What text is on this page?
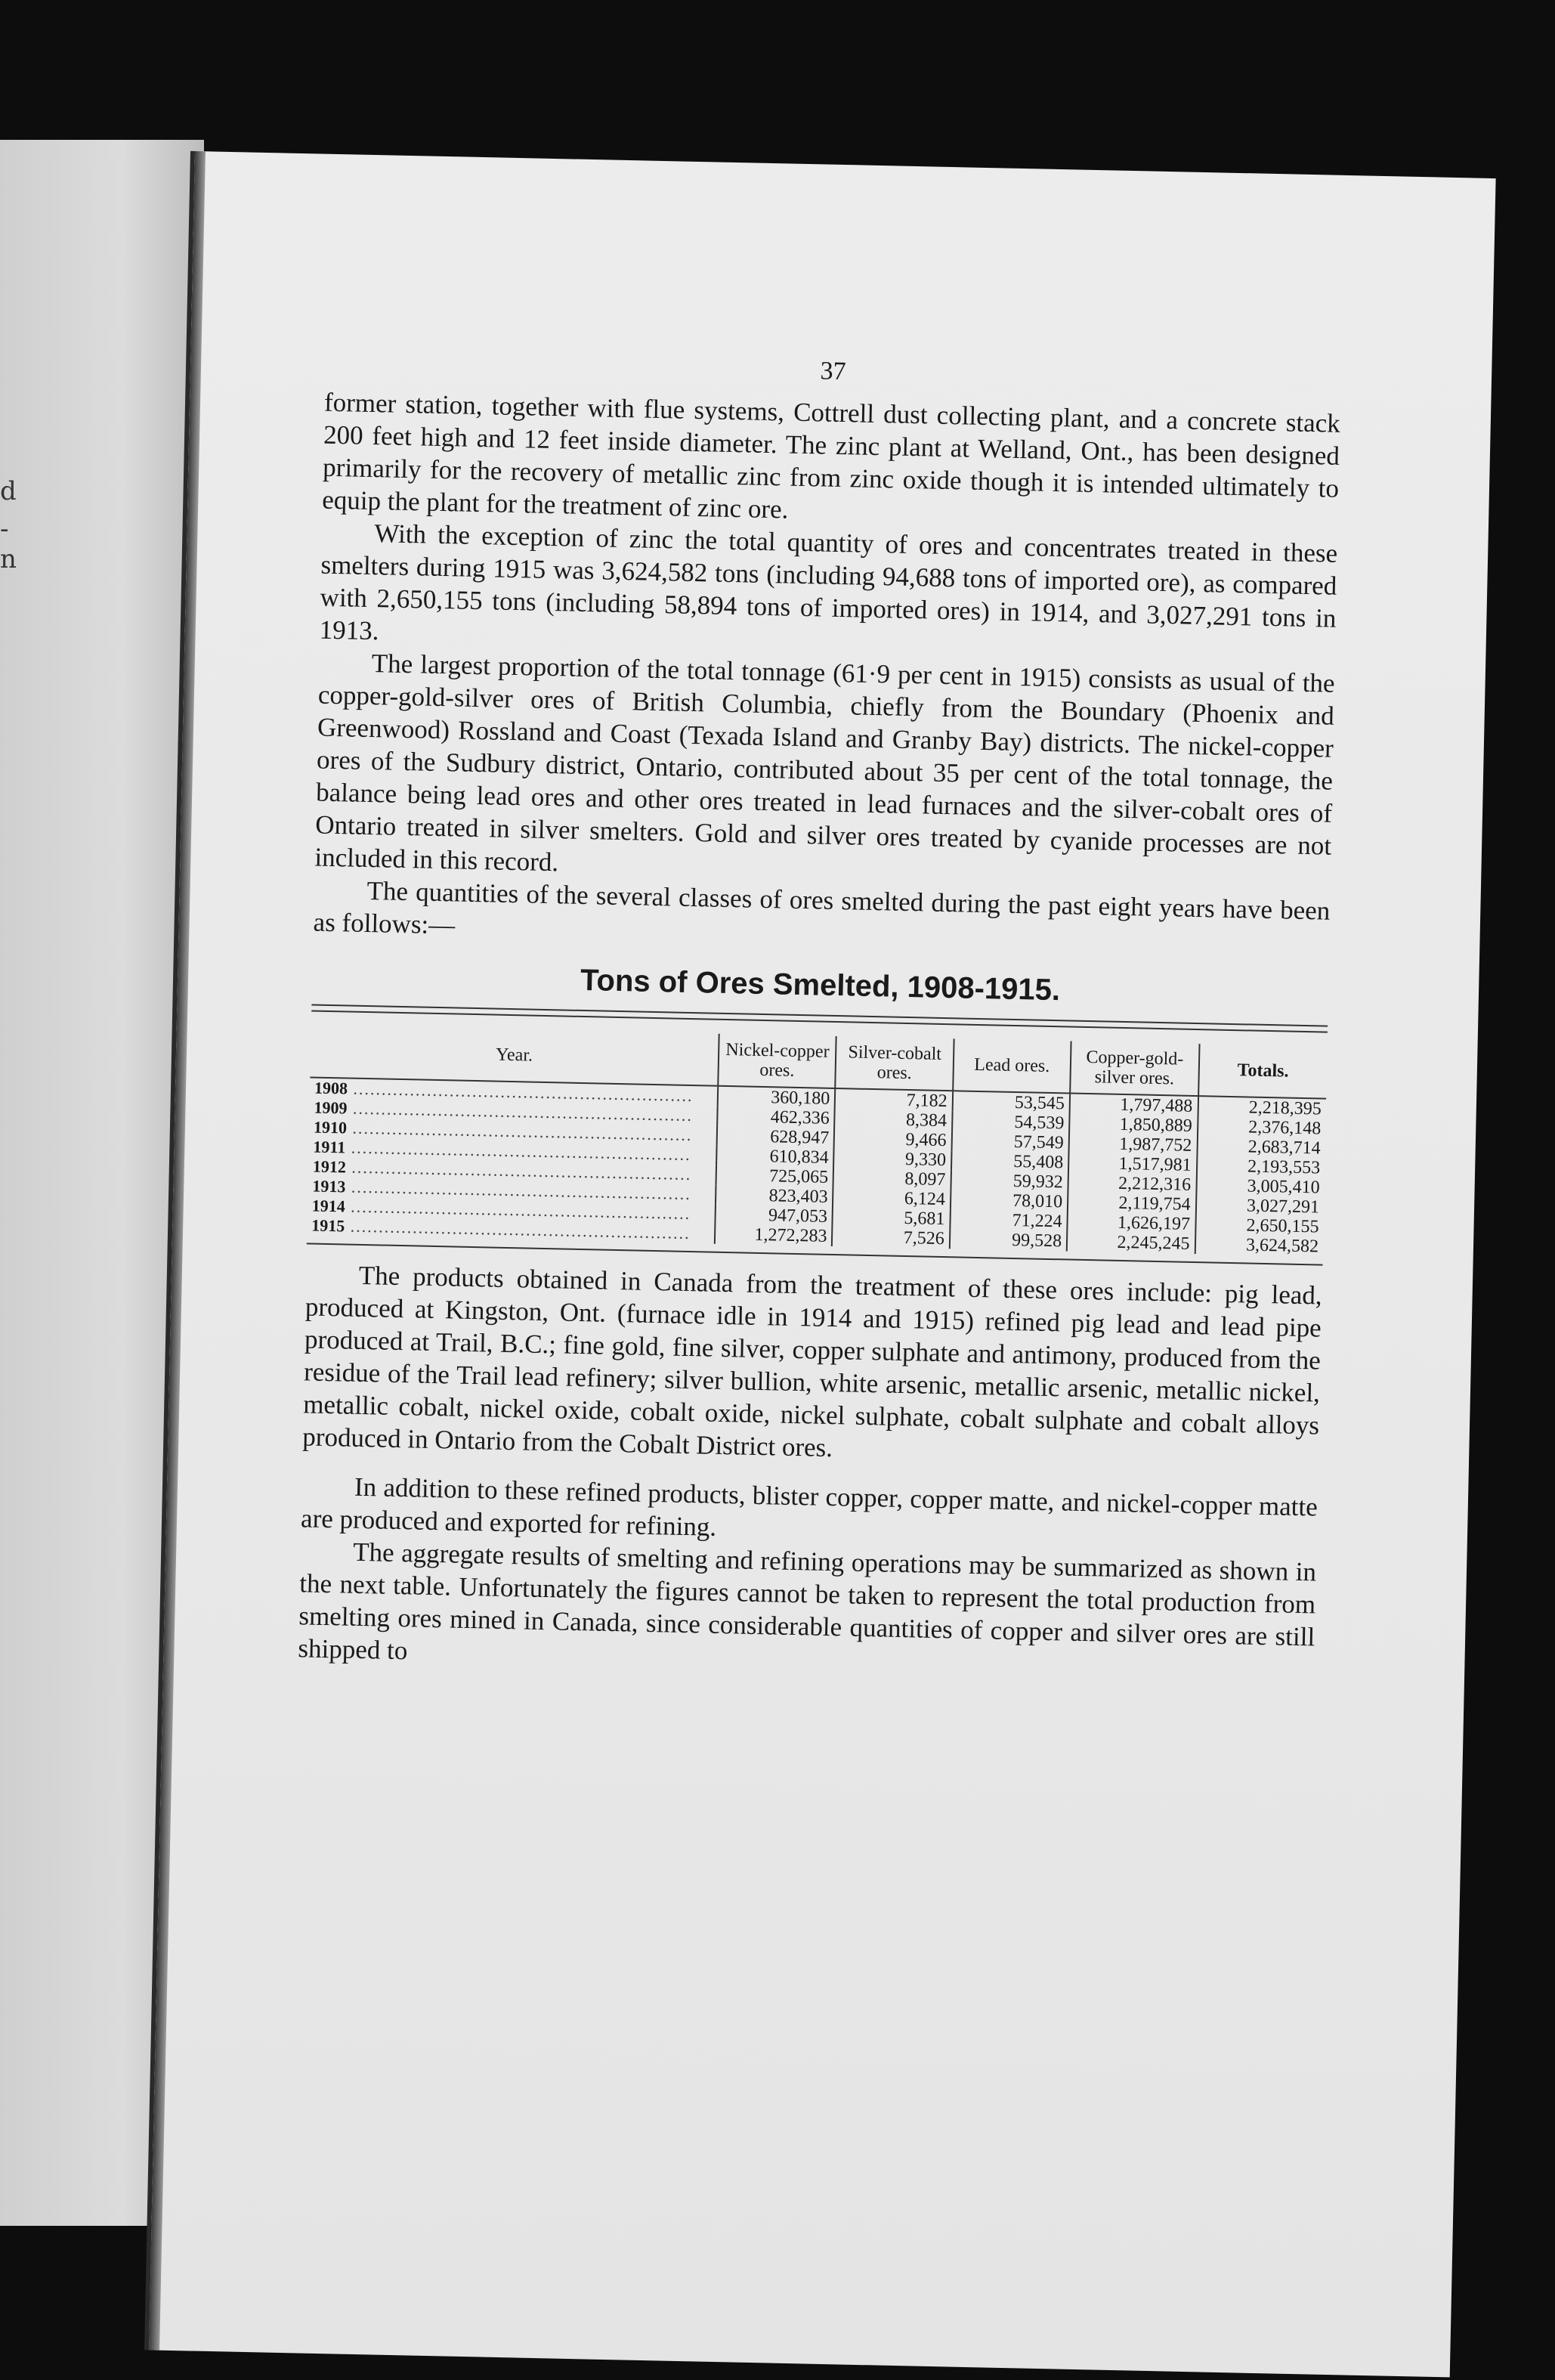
d
-
n
37

former station, together with flue systems, Cottrell dust collecting plant, and a concrete stack 200 feet high and 12 feet inside diameter. The zinc plant at Welland, Ont., has been designed primarily for the recovery of metallic zinc from zinc oxide though it is intended ultimately to equip the plant for the treatment of zinc ore.

With the exception of zinc the total quantity of ores and concentrates treated in these smelters during 1915 was 3,624,582 tons (including 94,688 tons of imported ore), as compared with 2,650,155 tons (including 58,894 tons of imported ores) in 1914, and 3,027,291 tons in 1913.

The largest proportion of the total tonnage (61·9 per cent in 1915) consists as usual of the copper-gold-silver ores of British Columbia, chiefly from the Boundary (Phoenix and Greenwood) Rossland and Coast (Texada Island and Granby Bay) districts. The nickel-copper ores of the Sudbury district, Ontario, contributed about 35 per cent of the total tonnage, the balance being lead ores and other ores treated in lead furnaces and the silver-cobalt ores of Ontario treated in silver smelters. Gold and silver ores treated by cyanide processes are not included in this record.

The quantities of the several classes of ores smelted during the past eight years have been as follows:—

Tons of Ores Smelted, 1908-1915.
Year.	Nickel-copper ores.	Silver-cobalt ores.	Lead ores.	Copper-gold-silver ores.	Totals.
1908 ............................................................	360,180	7,182	53,545	1,797,488	2,218,395
1909 ............................................................	462,336	8,384	54,539	1,850,889	2,376,148
1910 ............................................................	628,947	9,466	57,549	1,987,752	2,683,714
1911 ............................................................	610,834	9,330	55,408	1,517,981	2,193,553
1912 ............................................................	725,065	8,097	59,932	2,212,316	3,005,410
1913 ............................................................	823,403	6,124	78,010	2,119,754	3,027,291
1914 ............................................................	947,053	5,681	71,224	1,626,197	2,650,155
1915 ............................................................	1,272,283	7,526	99,528	2,245,245	3,624,582

The products obtained in Canada from the treatment of these ores include: pig lead, produced at Kingston, Ont. (furnace idle in 1914 and 1915) refined pig lead and lead pipe produced at Trail, B.C.; fine gold, fine silver, copper sulphate and antimony, produced from the residue of the Trail lead refinery; silver bullion, white arsenic, metallic arsenic, metallic nickel, metallic cobalt, nickel oxide, cobalt oxide, nickel sulphate, cobalt sulphate and cobalt alloys produced in Ontario from the Cobalt District ores.

In addition to these refined products, blister copper, copper matte, and nickel-copper matte are produced and exported for refining.

The aggregate results of smelting and refining operations may be summarized as shown in the next table. Unfortunately the figures cannot be taken to represent the total production from smelting ores mined in Canada, since considerable quantities of copper and silver ores are still shipped to
